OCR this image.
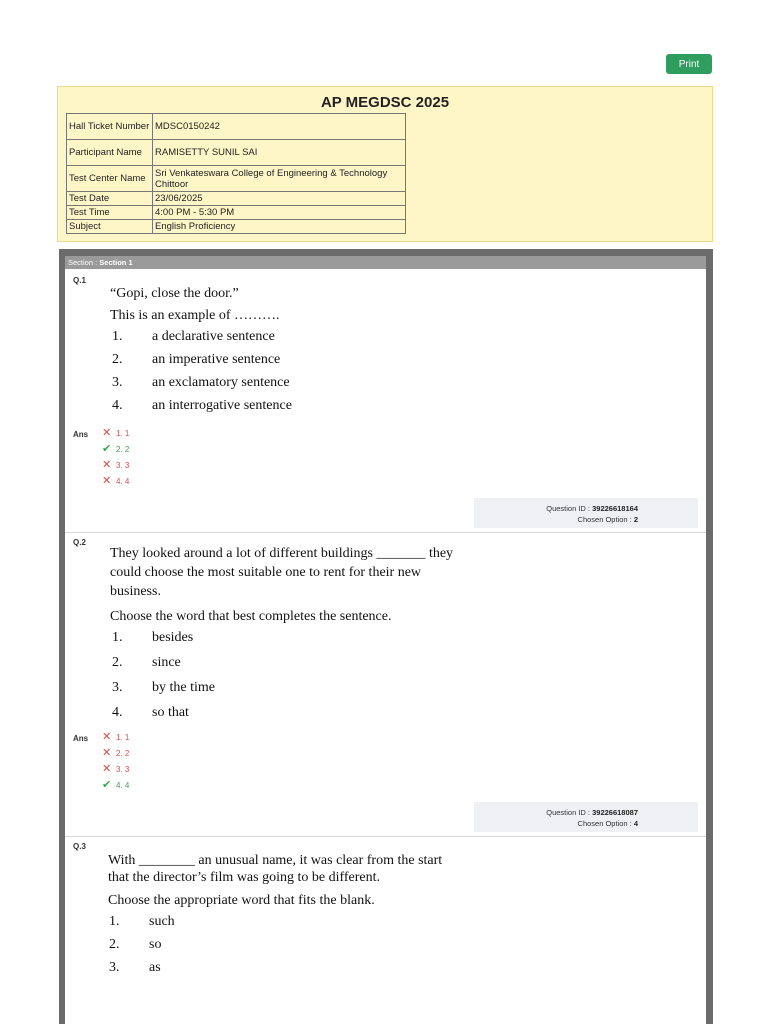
Print
AP MEGDSC 2025
Hall Ticket Number	MDSC0150242
Participant Name	RAMISETTY SUNIL SAI
Test Center Name	Sri Venkateswara College of Engineering & Technology Chittoor
Test Date	23/06/2025
Test Time	4:00 PM - 5:30 PM
Subject	English Proficiency
Section : Section 1
Q.1
“Gopi, close the door.”
This is an example of ……….
1. a declarative sentence
2. an imperative sentence
3. an exclamatory sentence
4. an interrogative sentence
Ans ✕ 1. 1
✔ 2. 2
✕ 3. 3
✕ 4. 4
Question ID : 39226618164
Chosen Option : 2
Q.2
They looked around a lot of different buildings _______ they
could choose the most suitable one to rent for their new
business.
Choose the word that best completes the sentence.
1. besides
2. since
3. by the time
4. so that
Ans ✕ 1. 1
✕ 2. 2
✕ 3. 3
✔ 4. 4
Question ID : 39226618087
Chosen Option : 4
Q.3
With ________ an unusual name, it was clear from the start
that the director’s film was going to be different.
Choose the appropriate word that fits the blank.
1. such
2. so
3. as
